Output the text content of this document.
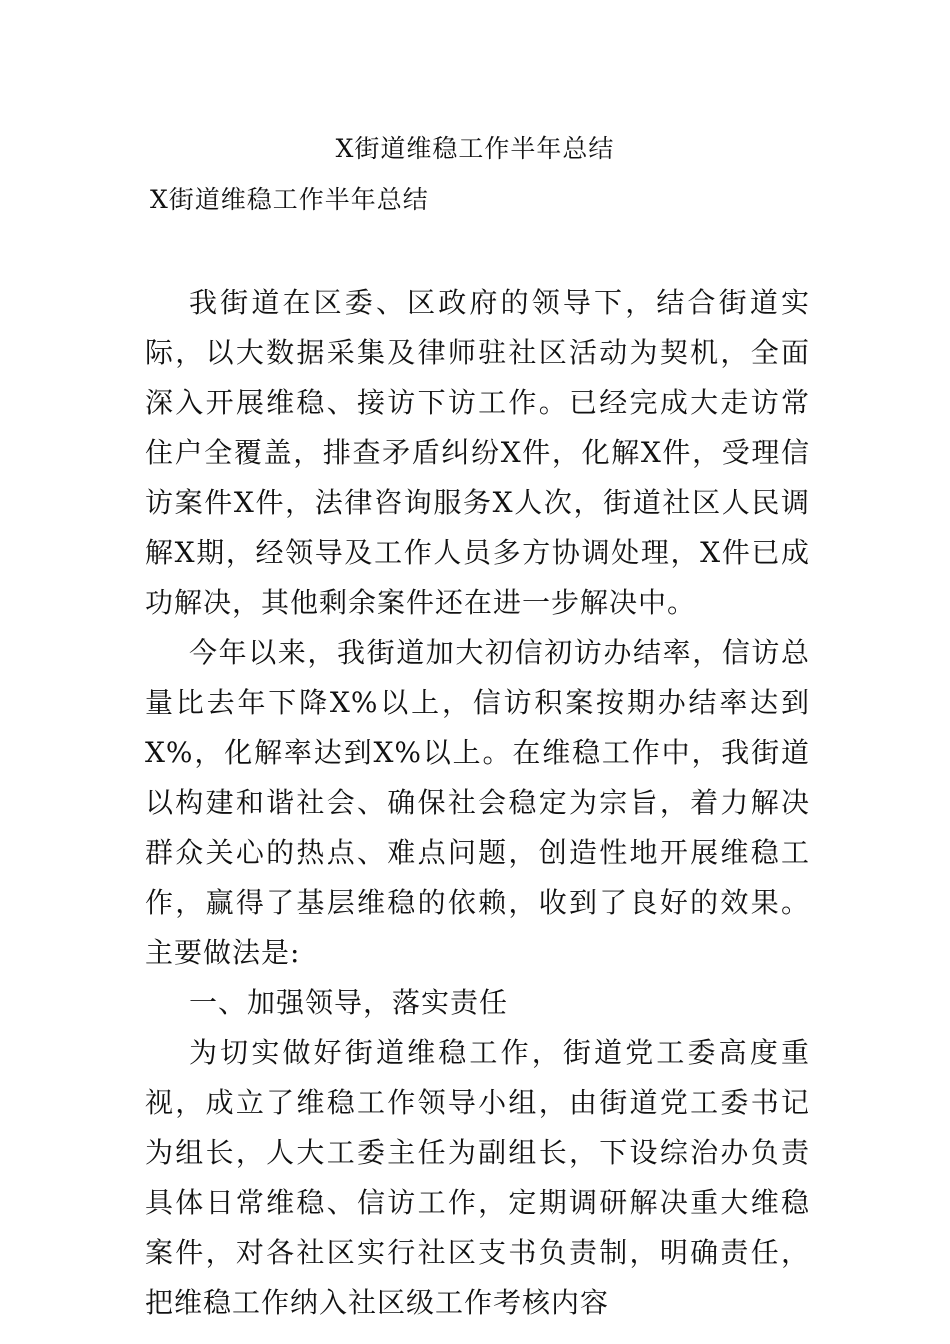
X街道维稳工作半年总结
X街道维稳工作半年总结

我街道在区委、区政府的领导下，结合街道实际，以大数据采集及律师驻社区活动为契机，全面深入开展维稳、接访下访工作。已经完成大走访常住户全覆盖，排查矛盾纠纷X件，化解X件，受理信访案件X件，法律咨询服务X人次，街道社区人民调解X期，经领导及工作人员多方协调处理，X件已成功解决，其他剩余案件还在进一步解决中。

今年以来，我街道加大初信初访办结率，信访总量比去年下降X%以上，信访积案按期办结率达到X%，化解率达到X%以上。在维稳工作中，我街道以构建和谐社会、确保社会稳定为宗旨，着力解决群众关心的热点、难点问题，创造性地开展维稳工作，赢得了基层维稳的依赖，收到了良好的效果。主要做法是:

一、加强领导，落实责任

为切实做好街道维稳工作，街道党工委高度重视，成立了维稳工作领导小组，由街道党工委书记为组长，人大工委主任为副组长，下设综治办负责具体日常维稳、信访工作，定期调研解决重大维稳案件，对各社区实行社区支书负责制，明确责任，把维稳工作纳入社区级工作考核内容
